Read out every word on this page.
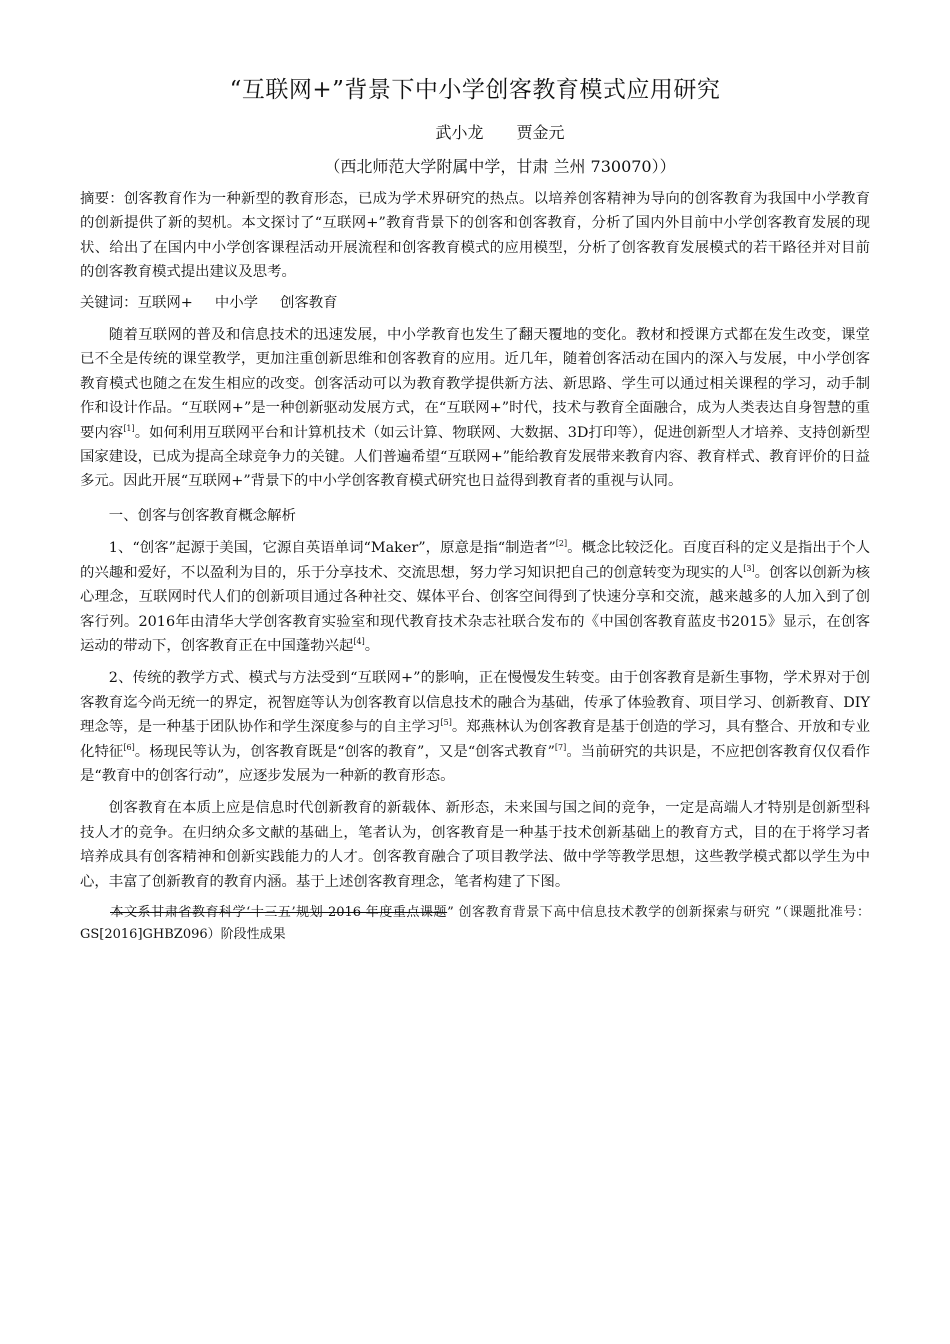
“互联网+”背景下中小学创客教育模式应用研究
武小龙 贾金元
（西北师范大学附属中学，甘肃 兰州 730070））

摘要：创客教育作为一种新型的教育形态，已成为学术界研究的热点。以培养创客精神为导向的创客教育为我国中小学教育的创新提供了新的契机。本文探讨了“互联网+”教育背景下的创客和创客教育，分析了国内外目前中小学创客教育发展的现状、给出了在国内中小学创客课程活动开展流程和创客教育模式的应用模型，分析了创客教育发展模式的若干路径并对目前的创客教育模式提出建议及思考。

关键词：互联网+ 中小学 创客教育

随着互联网的普及和信息技术的迅速发展，中小学教育也发生了翻天覆地的变化。教材和授课方式都在发生改变，课堂已不全是传统的课堂教学，更加注重创新思维和创客教育的应用。近几年，随着创客活动在国内的深入与发展，中小学创客教育模式也随之在发生相应的改变。创客活动可以为教育教学提供新方法、新思路、学生可以通过相关课程的学习，动手制作和设计作品。“互联网+”是一种创新驱动发展方式，在“互联网+”时代，技术与教育全面融合，成为人类表达自身智慧的重要内容[1]。如何利用互联网平台和计算机技术（如云计算、物联网、大数据、3D打印等），促进创新型人才培养、支持创新型国家建设，已成为提高全球竞争力的关键。人们普遍希望“互联网+”能给教育发展带来教育内容、教育样式、教育评价的日益多元。因此开展“互联网+”背景下的中小学创客教育模式研究也日益得到教育者的重视与认同。

一、创客与创客教育概念解析

1、“创客”起源于美国，它源自英语单词“Maker”，原意是指“制造者”[2]。概念比较泛化。百度百科的定义是指出于个人的兴趣和爱好，不以盈利为目的，乐于分享技术、交流思想，努力学习知识把自己的创意转变为现实的人[3]。创客以创新为核心理念，互联网时代人们的创新项目通过各种社交、媒体平台、创客空间得到了快速分享和交流，越来越多的人加入到了创客行列。2016年由清华大学创客教育实验室和现代教育技术杂志社联合发布的《中国创客教育蓝皮书2015》显示，在创客运动的带动下，创客教育正在中国蓬勃兴起[4]。

2、传统的教学方式、模式与方法受到“互联网+”的影响，正在慢慢发生转变。由于创客教育是新生事物，学术界对于创客教育迄今尚无统一的界定，祝智庭等认为创客教育以信息技术的融合为基础，传承了体验教育、项目学习、创新教育、DIY 理念等，是一种基于团队协作和学生深度参与的自主学习[5]。郑燕林认为创客教育是基于创造的学习，具有整合、开放和专业化特征[6]。杨现民等认为，创客教育既是“创客的教育”，又是“创客式教育”[7]。当前研究的共识是，不应把创客教育仅仅看作是“教育中的创客行动”，应逐步发展为一种新的教育形态。

创客教育在本质上应是信息时代创新教育的新载体、新形态，未来国与国之间的竞争，一定是高端人才特别是创新型科技人才的竞争。在归纳众多文献的基础上，笔者认为，创客教育是一种基于技术创新基础上的教育方式，目的在于将学习者培养成具有创客精神和创新实践能力的人才。创客教育融合了项目教学法、做中学等教学思想，这些教学模式都以学生为中心，丰富了创新教育的教育内涵。基于上述创客教育理念，笔者构建了下图。

本文系甘肃省教育科学‘十三五’规划 2016 年度重点课题” 创客教育背景下高中信息技术教学的创新探索与研究 ”（课题批准号：GS[2016]GHBZ096）阶段性成果
